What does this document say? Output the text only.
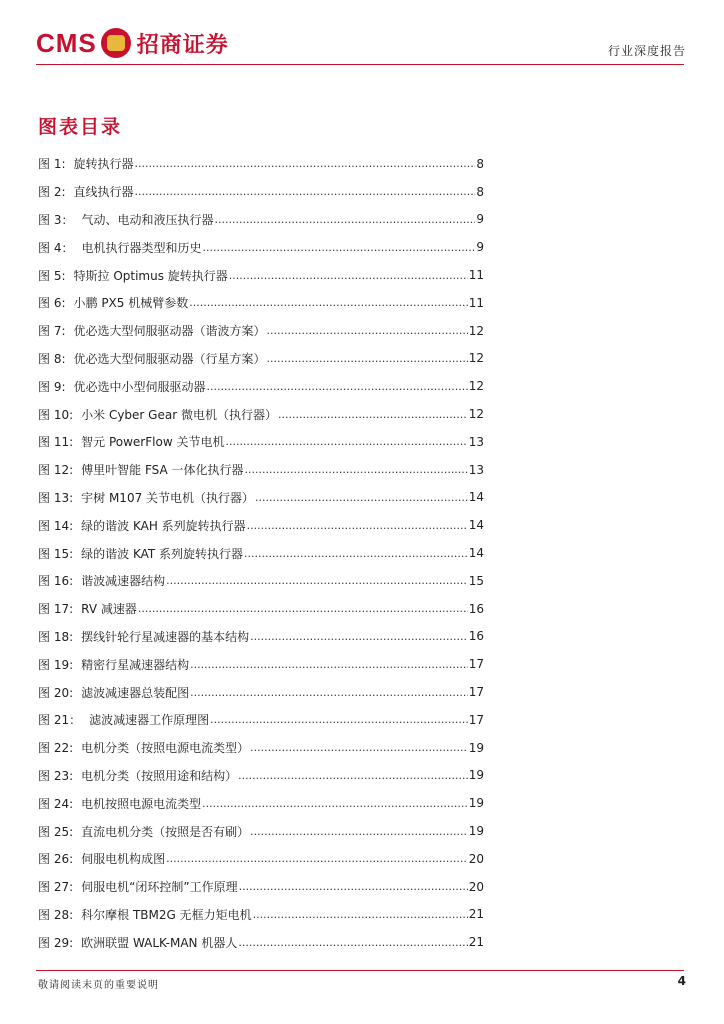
CMS 招商证券	行业深度报告
图表目录
图 1: 旋转执行器 .....	8
图 2: 直线执行器 .....	8
图 3： 气动、电动和液压执行器 .....	9
图 4： 电机执行器类型和历史 .....	9
图 5: 特斯拉 Optimus 旋转执行器 .....	11
图 6: 小鹏 PX5 机械臂参数 .....	11
图 7: 优必选大型伺服驱动器（谐波方案） .....	12
图 8: 优必选大型伺服驱动器（行星方案） .....	12
图 9: 优必选中小型伺服驱动器 .....	12
图 10: 小米 Cyber Gear 微电机（执行器） .....	12
图 11: 智元 PowerFlow 关节电机 .....	13
图 12: 傅里叶智能 FSA 一体化执行器 .....	13
图 13: 宇树 M107 关节电机（执行器） .....	14
图 14: 绿的谐波 KAH 系列旋转执行器 .....	14
图 15: 绿的谐波 KAT 系列旋转执行器 .....	14
图 16: 谐波减速器结构 .....	15
图 17: RV 减速器 .....	16
图 18: 摆线针轮行星减速器的基本结构 .....	16
图 19: 精密行星减速器结构 .....	17
图 20: 滤波减速器总装配图 .....	17
图 21： 滤波减速器工作原理图 .....	17
图 22: 电机分类（按照电源电流类型） .....	19
图 23: 电机分类（按照用途和结构） .....	19
图 24: 电机按照电源电流类型 .....	19
图 25: 直流电机分类（按照是否有刷） .....	19
图 26: 伺服电机构成图 .....	20
图 27: 伺服电机“闭环控制”工作原理 .....	20
图 28: 科尔摩根 TBM2G 无框力矩电机 .....	21
图 29: 欧洲联盟 WALK-MAN 机器人 .....	21
敬请阅读末页的重要说明	4
